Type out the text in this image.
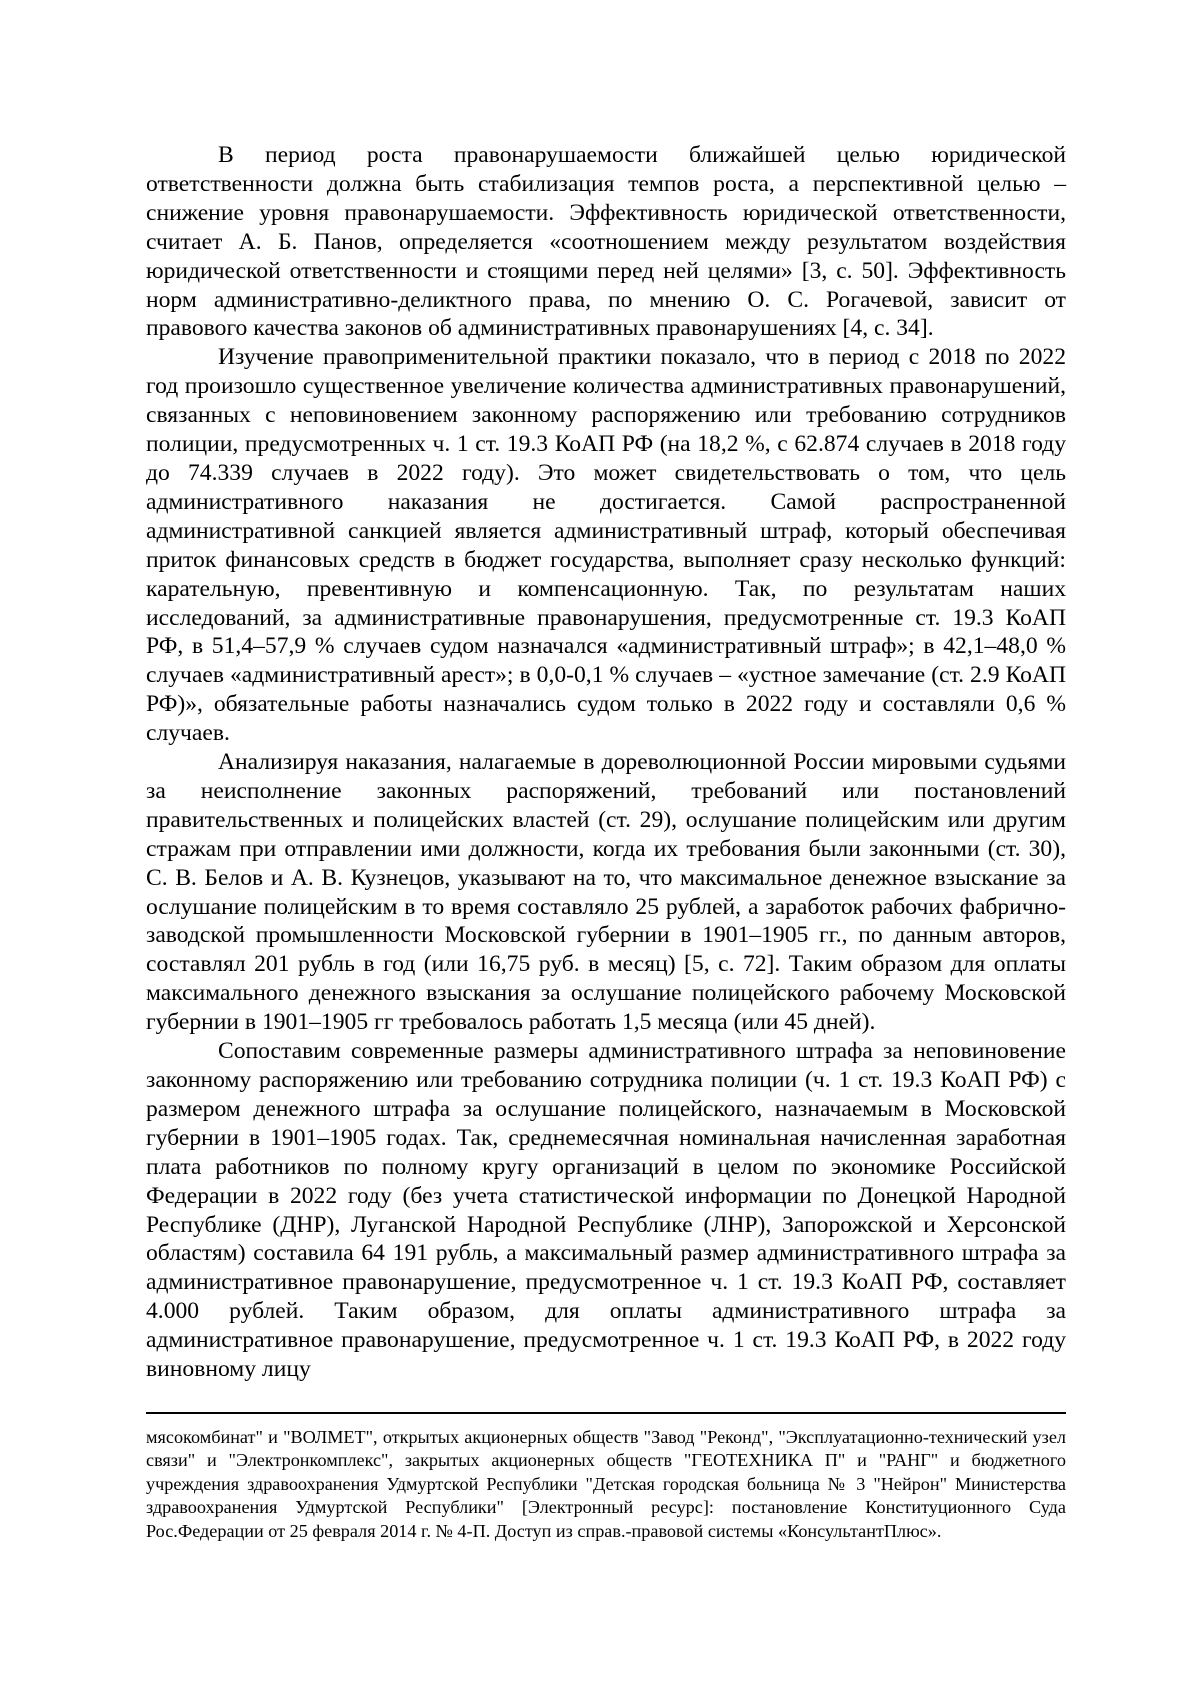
В период роста правонарушаемости ближайшей целью юридической ответственности должна быть стабилизация темпов роста, а перспективной целью – снижение уровня правонарушаемости. Эффективность юридической ответственности, считает А. Б. Панов, определяется «соотношением между результатом воздействия юридической ответственности и стоящими перед ней целями» [3, с. 50]. Эффективность норм административно-деликтного права, по мнению О. С. Рогачевой, зависит от правового качества законов об административных правонарушениях [4, с. 34].

Изучение правоприменительной практики показало, что в период с 2018 по 2022 год произошло существенное увеличение количества административных правонарушений, связанных с неповиновением законному распоряжению или требованию сотрудников полиции, предусмотренных ч. 1 ст. 19.3 КоАП РФ (на 18,2 %, с 62.874 случаев в 2018 году до 74.339 случаев в 2022 году). Это может свидетельствовать о том, что цель административного наказания не достигается. Самой распространенной административной санкцией является административный штраф, который обеспечивая приток финансовых средств в бюджет государства, выполняет сразу несколько функций: карательную, превентивную и компенсационную. Так, по результатам наших исследований, за административные правонарушения, предусмотренные ст. 19.3 КоАП РФ, в 51,4–57,9 % случаев судом назначался «административный штраф»; в 42,1–48,0 % случаев «административный арест»; в 0,0-0,1 % случаев – «устное замечание (ст. 2.9 КоАП РФ)», обязательные работы назначались судом только в 2022 году и составляли 0,6 % случаев.

Анализируя наказания, налагаемые в дореволюционной России мировыми судьями за неисполнение законных распоряжений, требований или постановлений правительственных и полицейских властей (ст. 29), ослушание полицейским или другим стражам при отправлении ими должности, когда их требования были законными (ст. 30), С. В. Белов и А. В. Кузнецов, указывают на то, что максимальное денежное взыскание за ослушание полицейским в то время составляло 25 рублей, а заработок рабочих фабрично-заводской промышленности Московской губернии в 1901–1905 гг., по данным авторов, составлял 201 рубль в год (или 16,75 руб. в месяц) [5, с. 72]. Таким образом для оплаты максимального денежного взыскания за ослушание полицейского рабочему Московской губернии в 1901–1905 гг требовалось работать 1,5 месяца (или 45 дней).

Сопоставим современные размеры административного штрафа за неповиновение законному распоряжению или требованию сотрудника полиции (ч. 1 ст. 19.3 КоАП РФ) с размером денежного штрафа за ослушание полицейского, назначаемым в Московской губернии в 1901–1905 годах. Так, среднемесячная номинальная начисленная заработная плата работников по полному кругу организаций в целом по экономике Российской Федерации в 2022 году (без учета статистической информации по Донецкой Народной Республике (ДНР), Луганской Народной Республике (ЛНР), Запорожской и Херсонской областям) составила 64 191 рубль, а максимальный размер административного штрафа за административное правонарушение, предусмотренное ч. 1 ст. 19.3 КоАП РФ, составляет 4.000 рублей. Таким образом, для оплаты административного штрафа за административное правонарушение, предусмотренное ч. 1 ст. 19.3 КоАП РФ, в 2022 году виновному лицу

мясокомбинат" и "ВОЛМЕТ", открытых акционерных обществ "Завод "Реконд", "Эксплуатационно-технический узел связи" и "Электронкомплекс", закрытых акционерных обществ "ГЕОТЕХНИКА П" и "РАНГ" и бюджетного учреждения здравоохранения Удмуртской Республики "Детская городская больница № 3 "Нейрон" Министерства здравоохранения Удмуртской Республики" [Электронный ресурс]: постановление Конституционного Суда Рос.Федерации от 25 февраля 2014 г. № 4-П. Доступ из справ.-правовой системы «КонсультантПлюс».
